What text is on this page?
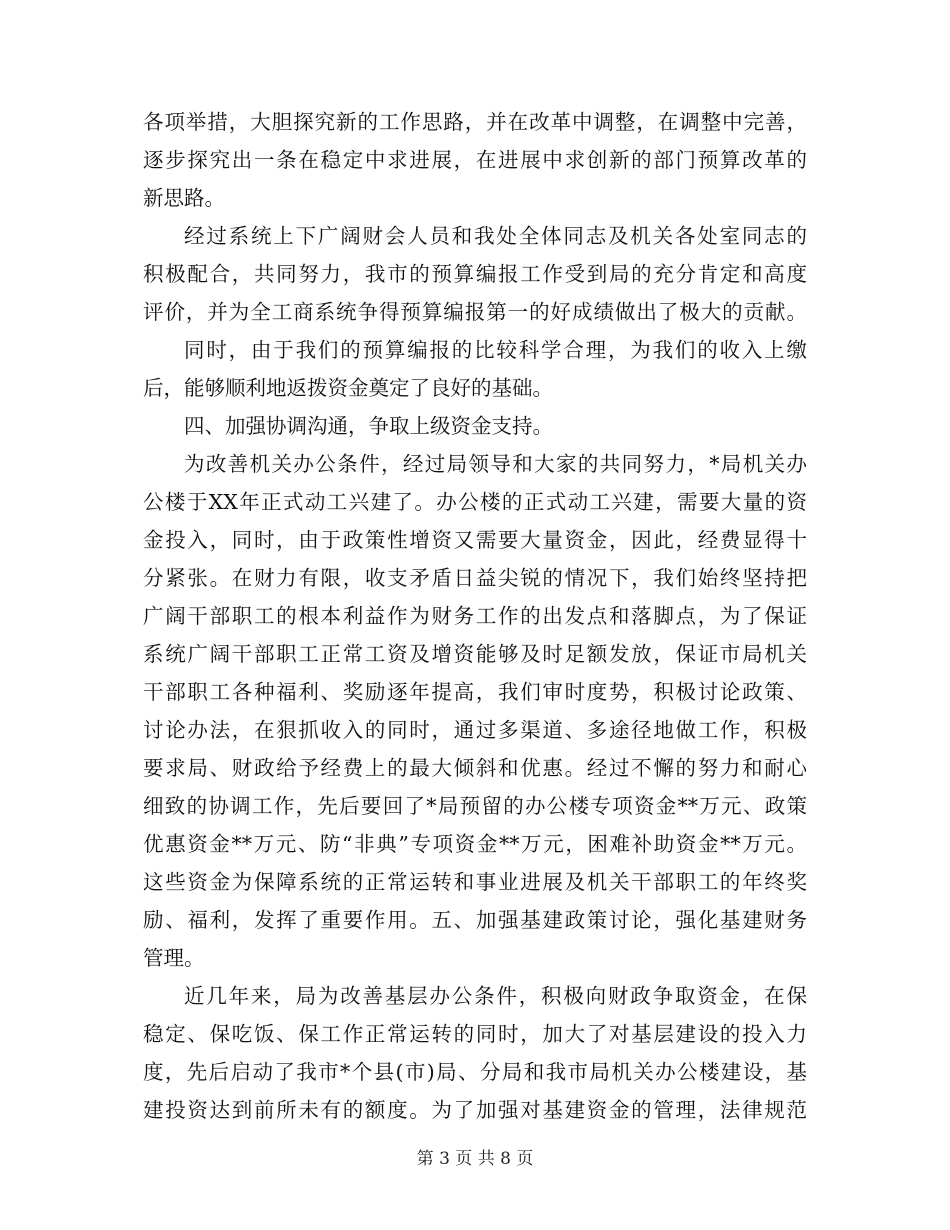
各项举措，大胆探究新的工作思路，并在改革中调整，在调整中完善，
逐步探究出一条在稳定中求进展，在进展中求创新的部门预算改革的
新思路。
经过系统上下广阔财会人员和我处全体同志及机关各处室同志的
积极配合，共同努力，我市的预算编报工作受到局的充分肯定和高度
评价，并为全工商系统争得预算编报第一的好成绩做出了极大的贡献。
同时，由于我们的预算编报的比较科学合理，为我们的收入上缴
后，能够顺利地返拨资金奠定了良好的基础。
四、加强协调沟通，争取上级资金支持。
为改善机关办公条件，经过局领导和大家的共同努力，*局机关办
公楼于XX年正式动工兴建了。办公楼的正式动工兴建，需要大量的资
金投入，同时，由于政策性增资又需要大量资金，因此，经费显得十
分紧张。在财力有限，收支矛盾日益尖锐的情况下，我们始终坚持把
广阔干部职工的根本利益作为财务工作的出发点和落脚点，为了保证
系统广阔干部职工正常工资及增资能够及时足额发放，保证市局机关
干部职工各种福利、奖励逐年提高，我们审时度势，积极讨论政策、
讨论办法，在狠抓收入的同时，通过多渠道、多途径地做工作，积极
要求局、财政给予经费上的最大倾斜和优惠。经过不懈的努力和耐心
细致的协调工作，先后要回了*局预留的办公楼专项资金**万元、政策
优惠资金**万元、防“非典”专项资金**万元，困难补助资金**万元。
这些资金为保障系统的正常运转和事业进展及机关干部职工的年终奖
励、福利，发挥了重要作用。五、加强基建政策讨论，强化基建财务
管理。
近几年来，局为改善基层办公条件，积极向财政争取资金，在保
稳定、保吃饭、保工作正常运转的同时，加大了对基层建设的投入力
度，先后启动了我市*个县(市)局、分局和我市局机关办公楼建设，基
建投资达到前所未有的额度。为了加强对基建资金的管理，法律规范
第 3 页 共 8 页
